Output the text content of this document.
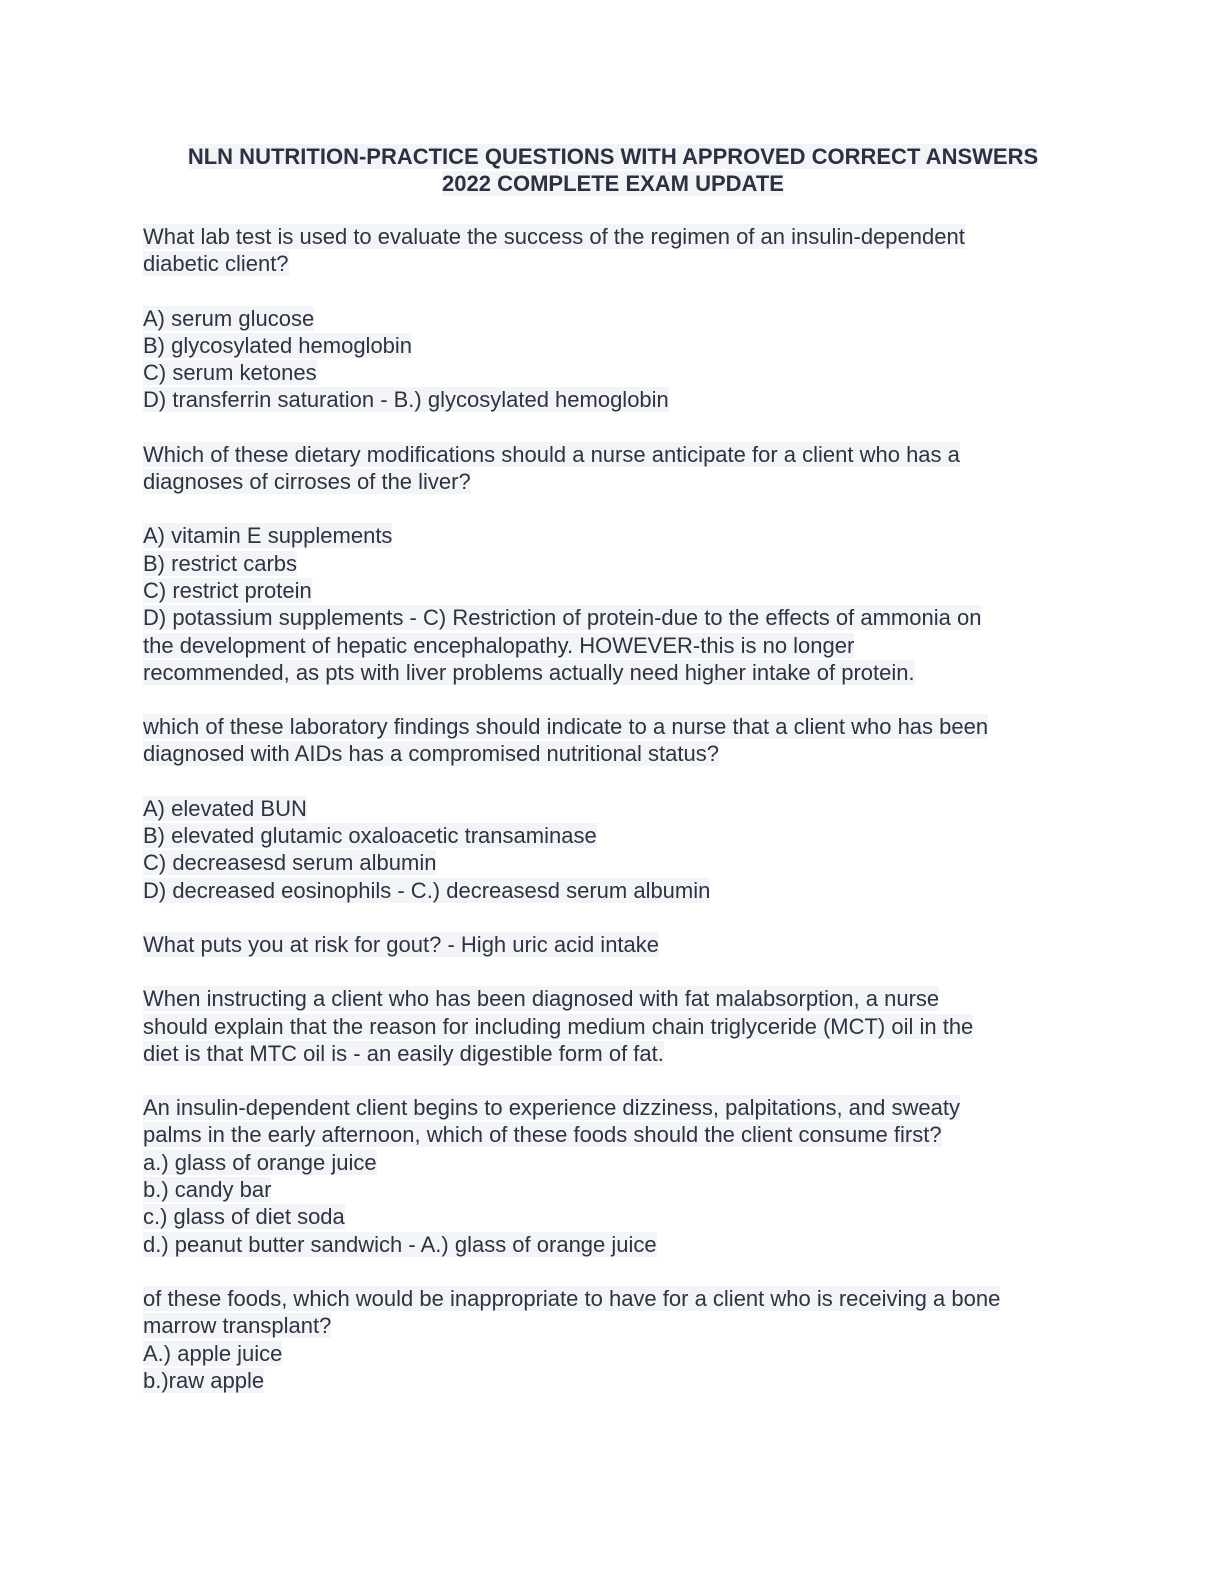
NLN NUTRITION-PRACTICE QUESTIONS WITH APPROVED CORRECT ANSWERS
2022 COMPLETE EXAM UPDATE
What lab test is used to evaluate the success of the regimen of an insulin-dependent
diabetic client?
A) serum glucose
B) glycosylated hemoglobin
C) serum ketones
D) transferrin saturation - B.) glycosylated hemoglobin
Which of these dietary modifications should a nurse anticipate for a client who has a
diagnoses of cirroses of the liver?
A) vitamin E supplements
B) restrict carbs
C) restrict protein
D) potassium supplements - C) Restriction of protein-due to the effects of ammonia on
the development of hepatic encephalopathy. HOWEVER-this is no longer
recommended, as pts with liver problems actually need higher intake of protein.
which of these laboratory findings should indicate to a nurse that a client who has been
diagnosed with AIDs has a compromised nutritional status?
A) elevated BUN
B) elevated glutamic oxaloacetic transaminase
C) decreasesd serum albumin
D) decreased eosinophils - C.) decreasesd serum albumin
What puts you at risk for gout? - High uric acid intake
When instructing a client who has been diagnosed with fat malabsorption, a nurse
should explain that the reason for including medium chain triglyceride (MCT) oil in the
diet is that MTC oil is - an easily digestible form of fat.
An insulin-dependent client begins to experience dizziness, palpitations, and sweaty
palms in the early afternoon, which of these foods should the client consume first?
a.) glass of orange juice
b.) candy bar
c.) glass of diet soda
d.) peanut butter sandwich - A.) glass of orange juice
of these foods, which would be inappropriate to have for a client who is receiving a bone
marrow transplant?
A.) apple juice
b.)raw apple
